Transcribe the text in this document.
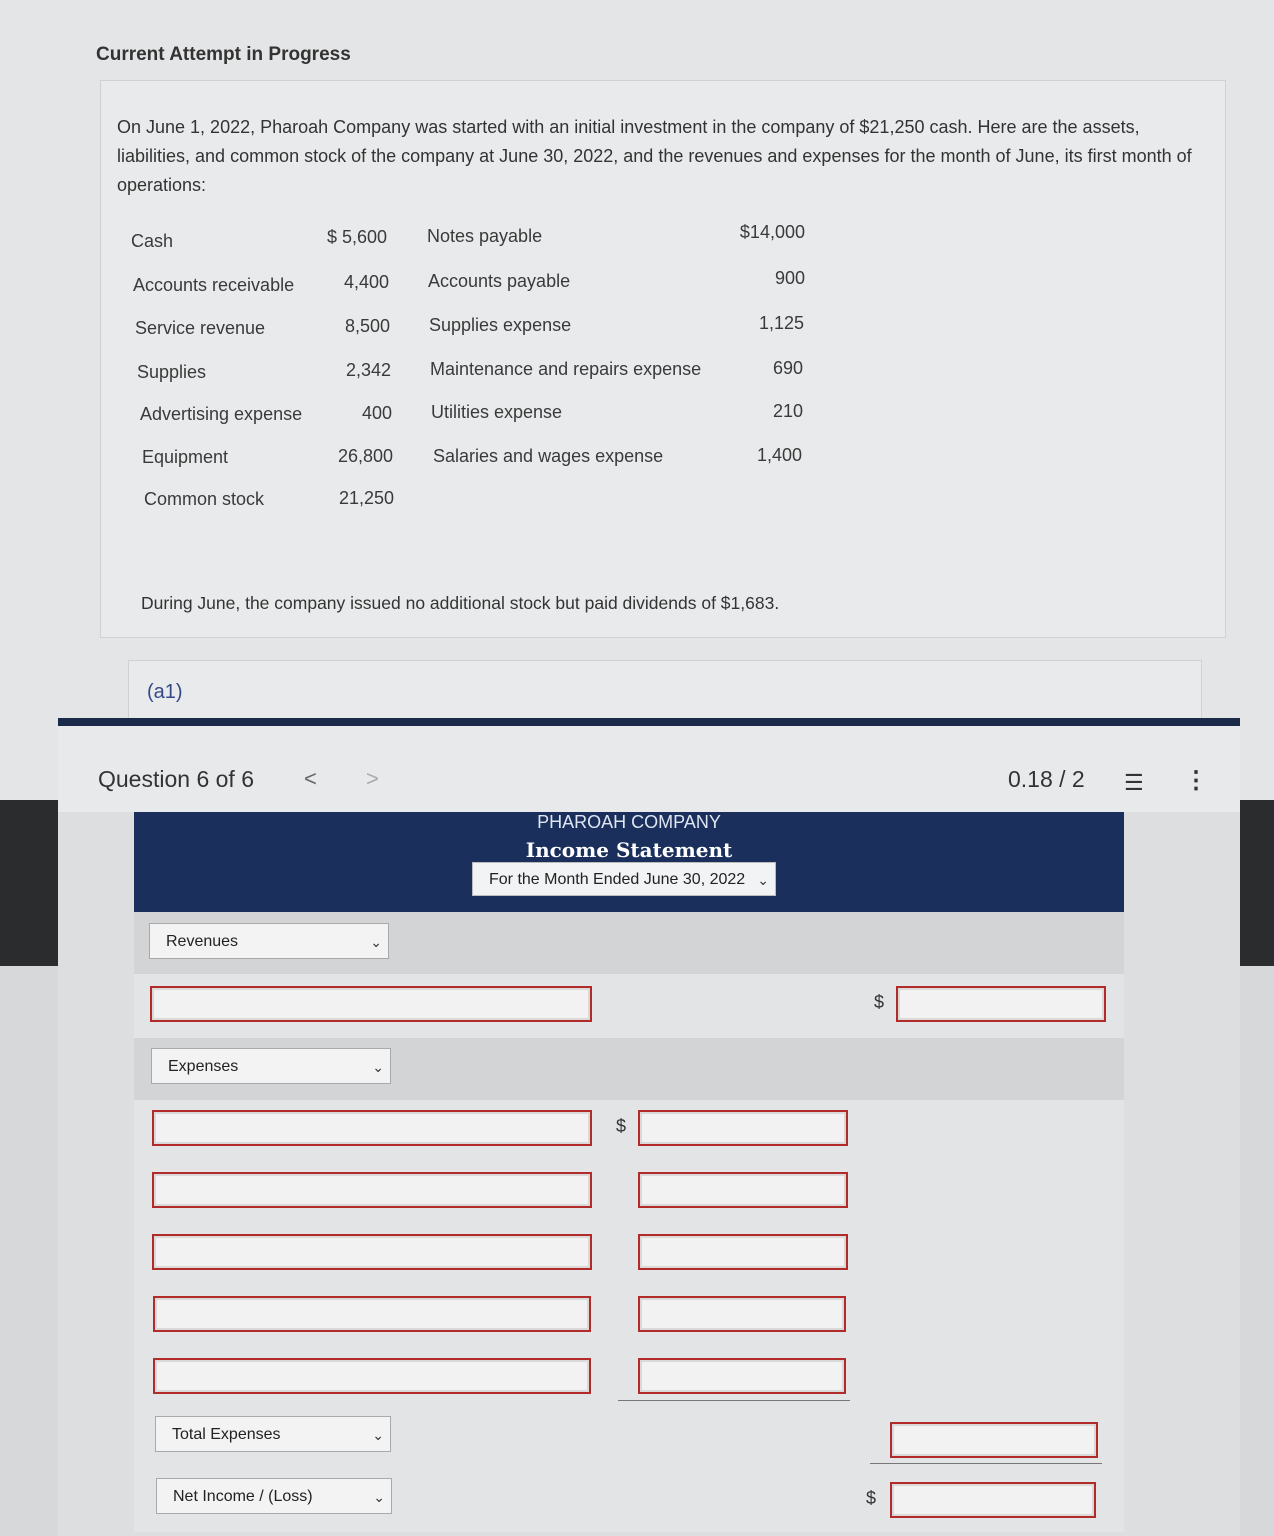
Current Attempt in Progress
On June 1, 2022, Pharoah Company was started with an initial investment in the company of $21,250 cash. Here are the assets, liabilities, and common stock of the company at June 30, 2022, and the revenues and expenses for the month of June, its first month of operations:
Cash	$ 5,600
Accounts receivable	4,400
Service revenue	8,500
Supplies	2,342
Advertising expense	400
Equipment	26,800
Common stock	21,250
Notes payable	$14,000
Accounts payable	900
Supplies expense	1,125
Maintenance and repairs expense	690
Utilities expense	210
Salaries and wages expense	1,400
During June, the company issued no additional stock but paid dividends of $1,683.
(a1)
Question 6 of 6 < >	0.18 / 2 ☰ ⋮
PHAROAH COMPANY
Income Statement
For the Month Ended June 30, 2022 ⌄
Revenues	⌄
$
Expenses	⌄
$
Total Expenses	⌄
Net Income / (Loss)	⌄	$
